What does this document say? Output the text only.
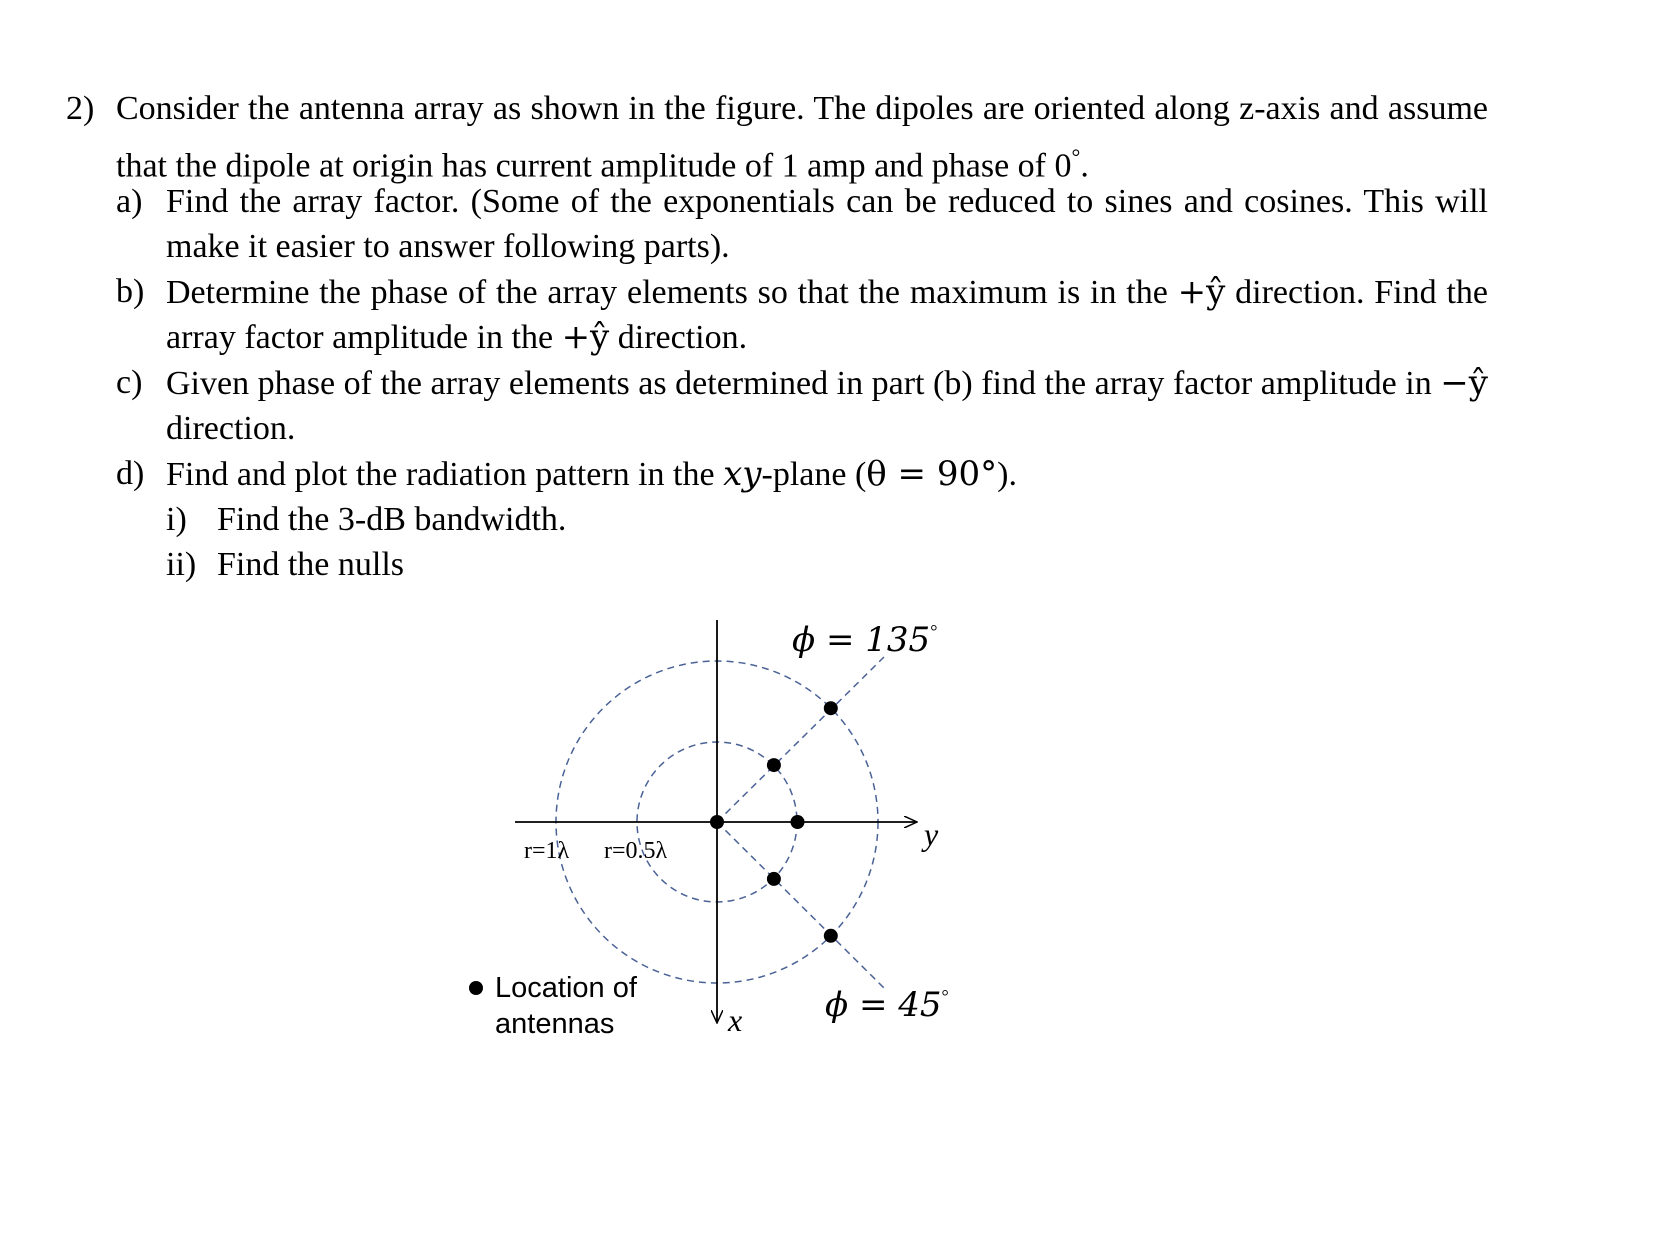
2) Consider the antenna array as shown in the figure. The dipoles are oriented along z-axis and assume
that the dipole at origin has current amplitude of 1 amp and phase of 0°.
a) Find the array factor. (Some of the exponentials can be reduced to sines and cosines. This will
make it easier to answer following parts).
b) Determine the phase of the array elements so that the maximum is in the +ŷ direction. Find the
array factor amplitude in the +ŷ direction.
c) Given phase of the array elements as determined in part (b) find the array factor amplitude in −ŷ
direction.
d) Find and plot the radiation pattern in the xy-plane (θ = 90°).
i) Find the 3-dB bandwidth.
ii) Find the nulls
ϕ = 135°
ϕ = 45°
r=1λ r=0.5λ	y
x
Location of
antennas
